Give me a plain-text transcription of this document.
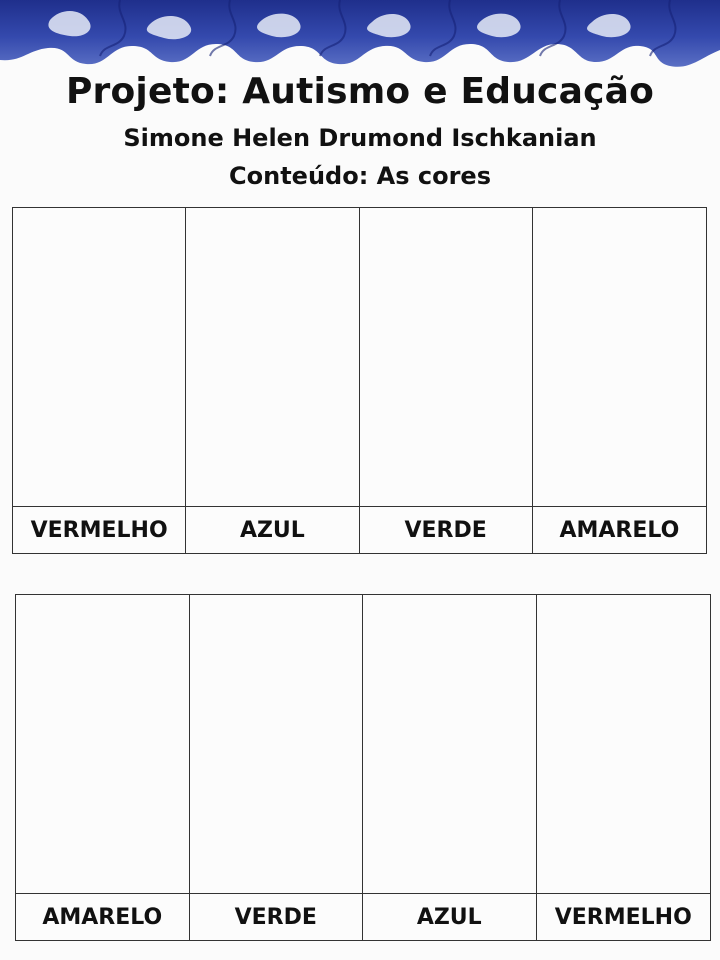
Projeto: Autismo e Educação

Simone Helen Drumond Ischkanian

Conteúdo: As cores

VERMELHO	AZUL	VERDE	AMARELO
AMARELO	VERDE	AZUL	VERMELHO
